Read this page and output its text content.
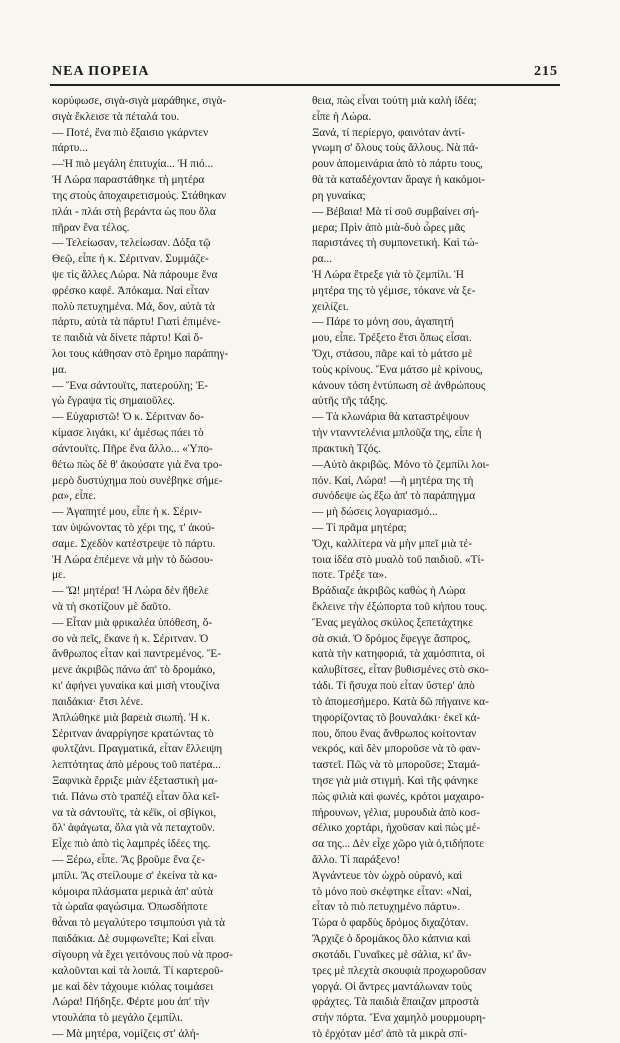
ΝΕΑ ΠΟΡΕΙΑ	215
κορύφωσε, σιγὰ-σιγὰ μαράθηκε, σιγὰ-
σιγὰ ἔκλεισε τὰ πέταλά του.
— Ποτέ, ἕνα πιὸ ἔξαισιο γκάρντεν
πάρτυ...
—Ἡ πιὸ μεγάλη ἐπιτυχία... Ἡ πιό...
Ἡ Λώρα παραστάθηκε τὴ μητέρα
της στοὺς ἀποχαιρετισμούς. Στάθηκαν
πλάι - πλάι στὴ βεράντα ὡς που ὅλα
πῆραν ἕνα τέλος.
— Τελείωσαν, τελείωσαν. Δόξα τῷ
Θεῷ, εἶπε ἡ κ. Σέριτναν. Συμμάζε-
ψε τὶς ἄλλες Λώρα. Νὰ πάρουμε ἕνα
φρέσκο καφέ. Ἀπόκαμα. Ναὶ εἶταν
πολὺ πετυχημένα. Μά, δον, αὐτὰ τὰ
πάρτυ, αὐτὰ τὰ πάρτυ! Γιατὶ ἐπιμένε-
τε παιδιὰ νὰ δίνετε πάρτυ! Καὶ ὅ-
λοι τους κάθησαν στὸ ἔρημο παράπηγ-
μα.
— Ἕνα σάντουϊτς, πατερούλη; Ἐ-
γὼ ἔγραψα τὶς σημαιοῦλες.
— Εὐχαριστῶ! Ὁ κ. Σέριτναν δο-
κίμασε λιγάκι, κι' ἀμέσως πάει τὸ
σάντουϊτς. Πῆρε ἕνα ἄλλο... «Ὑπο-
θέτω πὼς δὲ θ' ἀκούσατε γιὰ ἕνα τρο-
μερὸ δυστύχημα ποὺ συνέβηκε σήμε-
ρα», εἶπε.
— Ἀγαπητέ μου, εἶπε ἡ κ. Σέριν-
ταν ὑψώνοντας τὸ χέρι της, τ' ἀκού-
σαμε. Σχεδὸν κατέστρεψε τὸ πάρτυ.
Ἡ Λώρα ἐπέμενε νὰ μὴν τὸ δώσου-
με.
— Ὤ! μητέρα! Ἡ Λώρα δὲν ἤθελε
νὰ τὴ σκοτίζουν μὲ δαῦτο.
— Εἶταν μιὰ φρικαλέα ὑπόθεση, ὅ-
σο νὰ πεῖς, ἔκανε ἡ κ. Σέριτναν. Ὁ
ἄνθρωπος εἶταν καὶ παντρεμένος. Ἔ-
μενε ἀκριβῶς πάνω ἀπ' τὸ δρομάκο,
κι' ἀφήνει γυναίκα καὶ μισὴ ντουζίνα
παιδάκια· ἔτσι λένε.
Ἀπλώθηκε μιὰ βαρειὰ σιωπή. Ἡ κ.
Σέριτναν ἀναρρίγησε κρατώντας τὸ
φυλτζάνι. Πραγματικά, εἶταν ἔλλειψη
λεπτότητας ἀπὸ μέρους τοῦ πατέρα...
Ξαφνικὰ ἔρριξε μιὰν ἐξεταστικὴ μα-
τιά. Πάνω στὸ τραπέζι εἶταν ὅλα κεῖ-
να τὰ σάντουϊτς, τὰ κέϊκ, οἱ σβίγκοι,
ὅλ' ἀφάγωτα, ὅλα γιὰ νὰ πεταχτοῦν.
Εἶχε πιὸ ἀπὸ τὶς λαμπρές ἰδέες της.
— Ξέρω, εἶπε. Ἂς βροῦμε ἕνα ζε-
μπίλι. Ἂς στείλουμε σ' ἐκείνα τὰ κα-
κόμοιρα πλάσματα μερικὰ ἀπ' αὐτὰ
τὰ ὡραῖα φαγώσιμα. Ὁπωσδήποτε
θἆναι τὸ μεγαλύτερο τσιμπούσι γιὰ τὰ
παιδάκια. Δὲ συμφωνεῖτε; Καὶ εἶναι
σίγουρη νὰ ἔχει γειτόνους ποὺ νὰ προσ-
καλοῦνται καὶ τὰ λοιπά. Τί καρτεροῦ-
με καὶ δὲν τάχουμε κιόλας τοιμάσει
Λώρα! Πήδηξε. Φέρτε μου ἀπ' τὴν
ντουλάπα τὸ μεγάλο ζεμπίλι.
— Μὰ μητέρα, νομίζεις στ' ἀλή-
θεια, πὼς εἶναι τούτη μιὰ καλὴ ἰδέα;
εἶπε ἡ Λώρα.
Ξανά, τί περίεργο, φαινόταν ἀντί-
γνωμη σ' ὅλους τοὺς ἄλλους. Νὰ πά-
ρουν ἀπομεινάρια ἀπὸ τὸ πάρτυ τους,
θὰ τὰ καταδέχονταν ἄραγε ἡ κακόμοι-
ρη γυναίκα;
— Βέβαια! Μὰ τί σοῦ συμβαίνει σή-
μερα; Πρὶν ἀπὸ μιὰ-δυὸ ὧρες μᾶς
παριστάνες τὴ συμπονετική. Καὶ τώ-
ρα...
Ἡ Λώρα ἔτρεξε γιὰ τὸ ζεμπίλι. Ἡ
μητέρα της τὸ γέμισε, τόκανε νὰ ξε-
χειλίζει.
— Πάρε το μόνη σου, ἀγαπητή
μου, εἶπε. Τρέξετο ἔτσι ὅπως εἶσαι.
Ὄχι, στάσου, πᾶρε καὶ τὸ μάτσο μὲ
τοὺς κρίνους. Ἕνα μάτσο μὲ κρίνους,
κάνουν τόση ἐντύπωση σὲ ἀνθρώπους
αὐτῆς τῆς τάξης.
— Τὰ κλωνάρια θὰ καταστρέψουν
τὴν ντανντελένια μπλοῦζα της, εἶπε ἡ
πρακτικὴ Τζός.
—Αὐτὸ ἀκριβῶς. Μόνο τὸ ζεμπίλι λοι-
πόν. Καί, Λώρα! —ἡ μητέρα της τὴ
συνόδεψε ὡς ἔξω ἀπ' τὸ παράπηγμα
— μὴ δώσεις λογαριασμό...
— Τί πρᾶμα μητέρα;
Ὄχι, καλλίτερα νὰ μὴν μπεῖ μιὰ τέ-
τοια ἰδέα στὸ μυαλὸ τοῦ παιδιοῦ. «Τί-
ποτε. Τρέξε τα».
Βράδιαζε ἀκριβῶς καθὼς ἡ Λώρα
ἔκλεινε τὴν ἐξώπορτα τοῦ κήπου τους.
Ἕνας μεγάλος σκύλος ξεπετάχτηκε
σὰ σκιά. Ὁ δρόμος ἔφεγγε ἄσπρος,
κατὰ τὴν κατηφοριά, τὰ χαμόσπιτα, οἱ
καλυβίτσες, εἶταν βυθισμένες στὸ σκο-
τάδι. Τί ἥσυχα ποὺ εἶταν ὕστερ' ἀπὸ
τὸ ἀπομεσήμερο. Κατὰ δῶ πήγαινε κα-
τηφορίζοντας τὸ βουναλάκι· ἐκεῖ κά-
που, ὅπου ἕνας ἄνθρωπος κοίτονταν
νεκρός, καὶ δὲν μποροῦσε νὰ τὸ φαν-
ταστεῖ. Πῶς νὰ τὸ μποροῦσε; Σταμά-
τησε γιὰ μιὰ στιγμή. Καὶ τῆς φάνηκε
πὼς φιλιὰ καὶ φωνές, κρότοι μαχαιρο-
πήρουνων, γέλια, μυρουδιὰ ἀπὸ κοσ-
σέλικο χορτάρι, ἠχοῦσαν καὶ πὼς μέ-
σα της... Δὲν εἶχε χῶρο γιὰ ὁ,τιδήποτε
ἄλλο. Τί παράξενο!
Ἀγνάντευε τὸν ὠχρὸ οὐρανό, καὶ
τὸ μόνο ποὺ σκέφτηκε εἶταν: «Ναί,
εἶταν τὸ πιὸ πετυχημένο πάρτυ».
Τώρα ὁ φαρδὺς δρόμος διχαζόταν.
Ἄρχιζε ὁ δρομάκος ὅλο κάπνια καὶ
σκοτάδι. Γυναῖκες μὲ σάλια, κι' ἄν-
τρες μὲ πλεχτὰ σκουφιὰ προχωροῦσαν
γοργά. Οἱ ἄντρες μαντάλωναν τοὺς
φράχτες. Τὰ παιδιὰ ἔπαιζαν μπροστὰ
στὴν πόρτα. Ἕνα χαμηλὸ μουρμουρη-
τὸ ἐρχόταν μέσ' ἀπὸ τὰ μικρὰ σπί-
